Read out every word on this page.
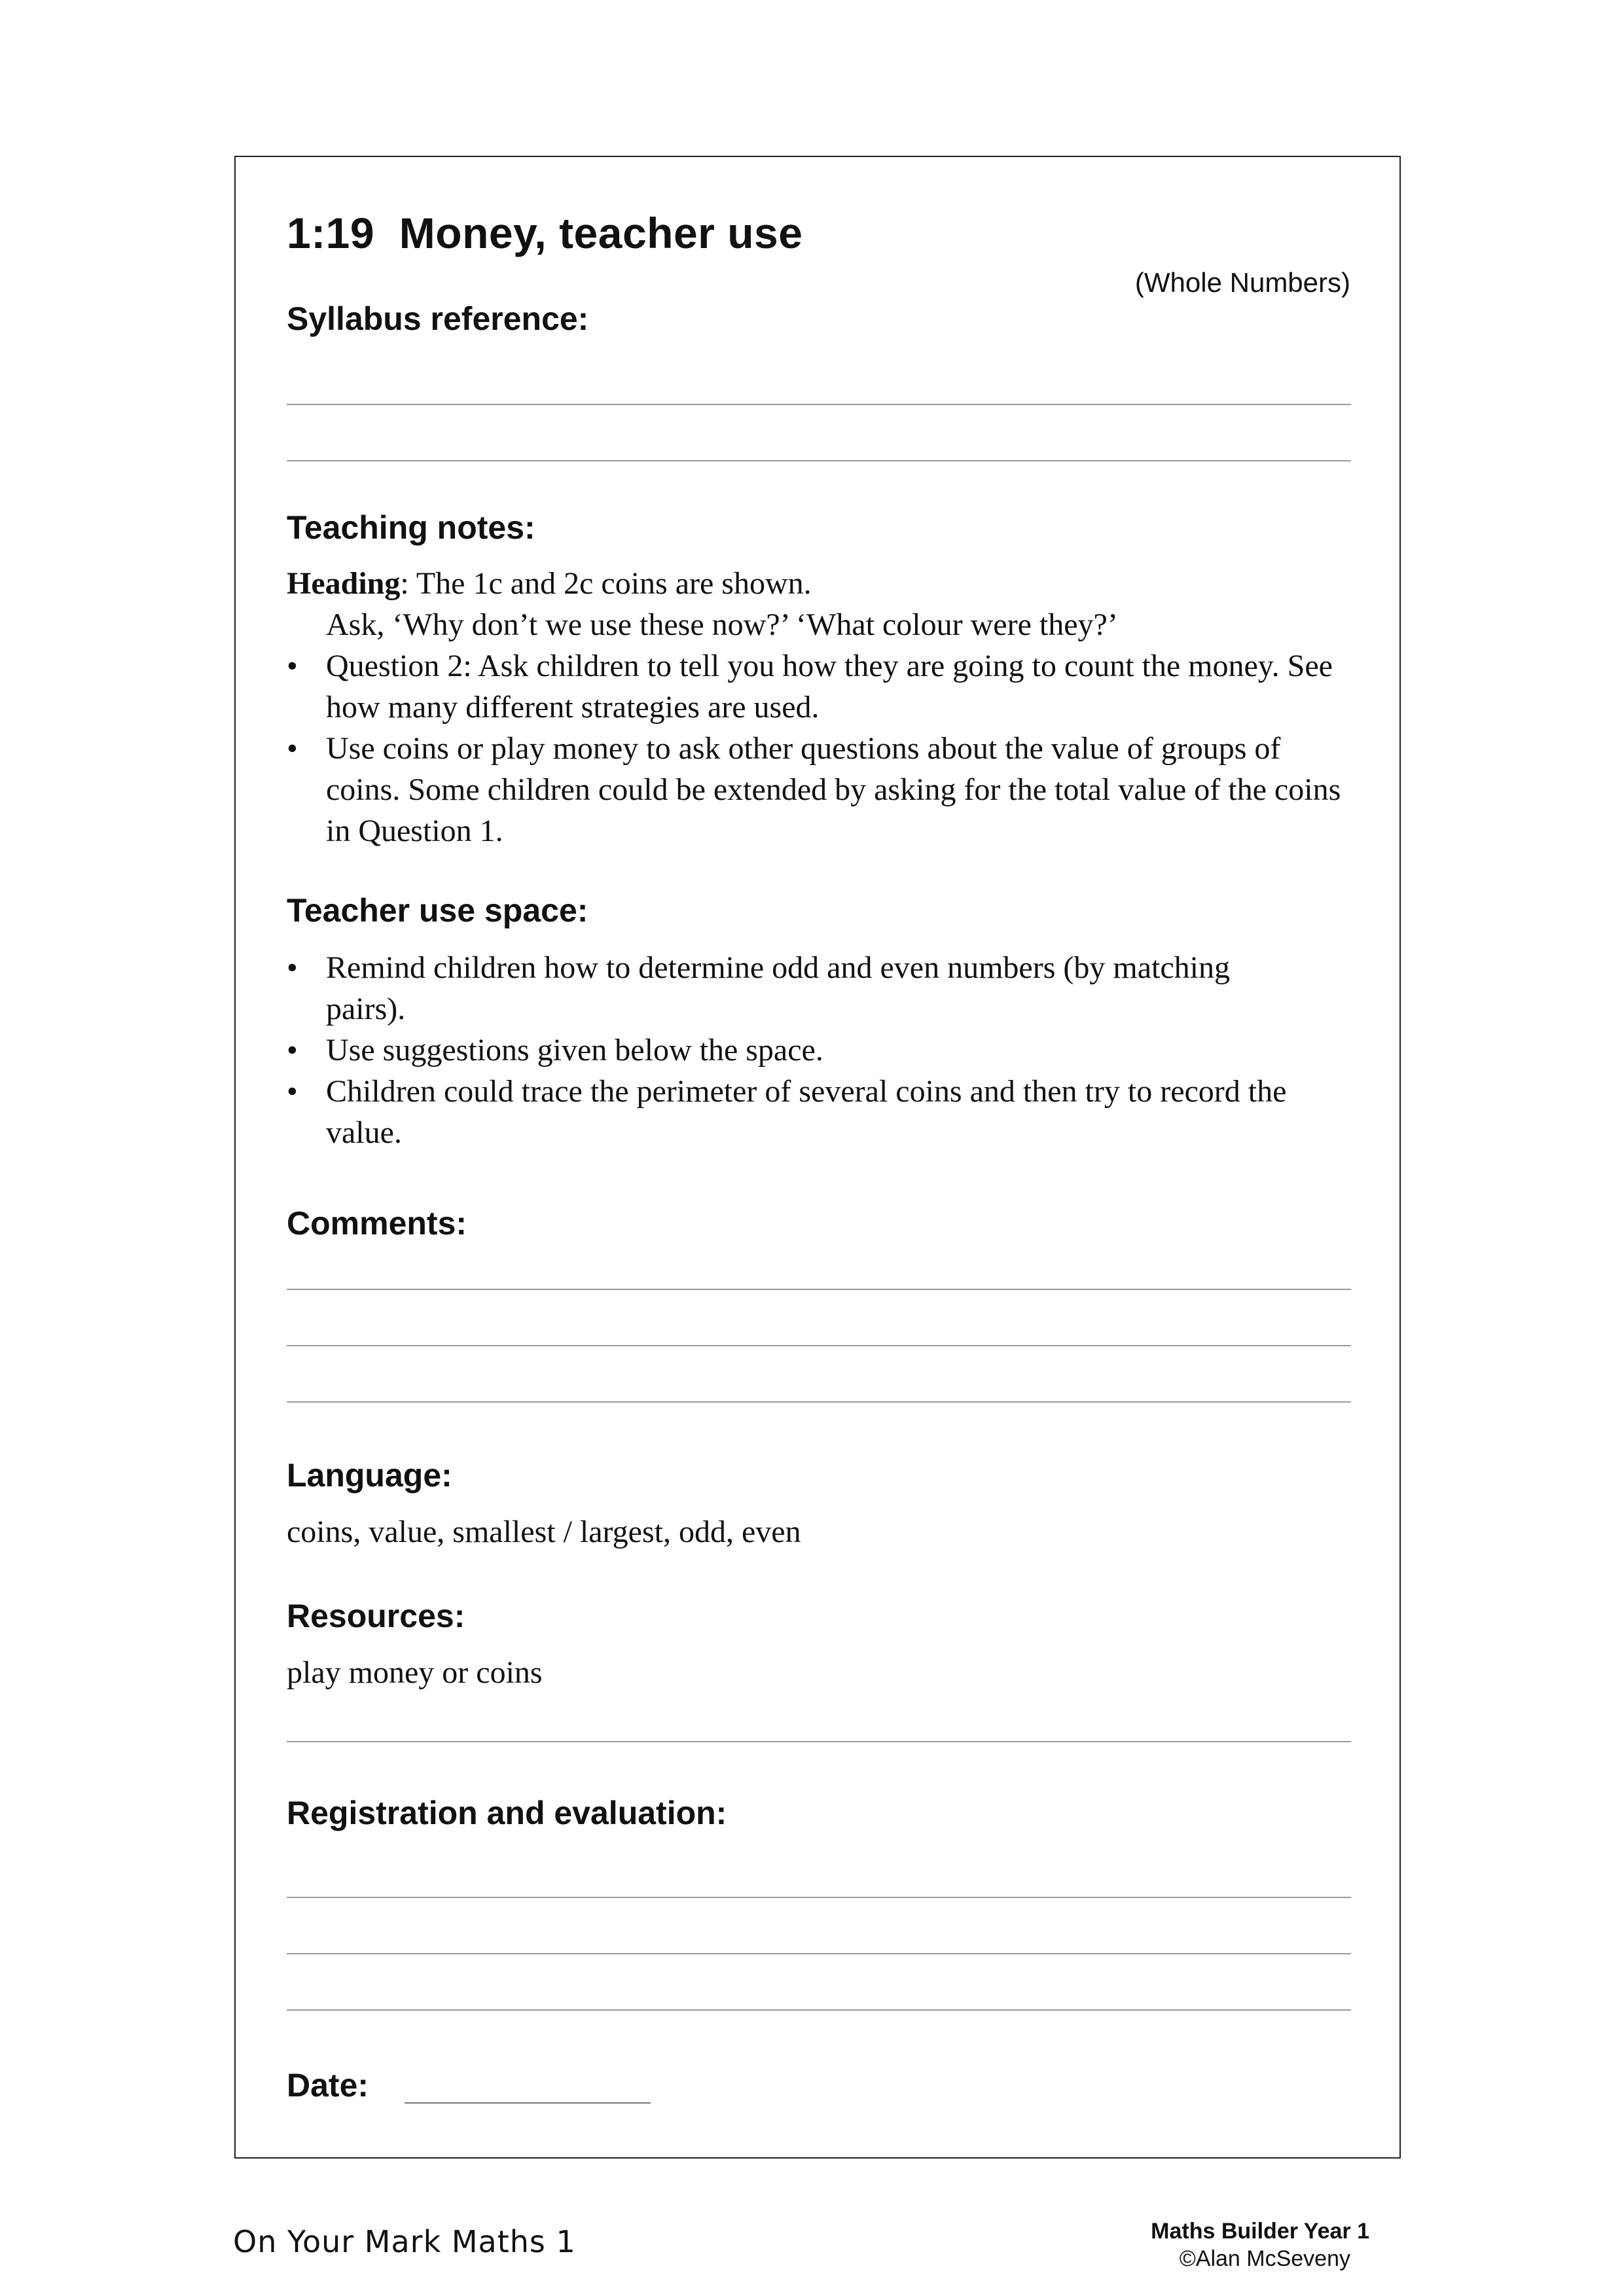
1:19  Money, teacher use
(Whole Numbers)
Syllabus reference:
Teaching notes:

Heading: The 1c and 2c coins are shown.

Ask, ‘Why don’t we use these now?’ ‘What colour were they?’

• Question 2: Ask children to tell you how they are going to count the money. See how many different strategies are used.
• Use coins or play money to ask other questions about the value of groups of coins. Some children could be extended by asking for the total value of the coins in Question 1.
Teacher use space:
• Remind children how to determine odd and even numbers (by matching pairs).
• Use suggestions given below the space.
• Children could trace the perimeter of several coins and then try to record the value.
Comments:
Language:
coins, value, smallest / largest, odd, even
Resources:
play money or coins
Registration and evaluation:
Date:
On Your Mark Maths 1	Maths Builder Year 1
©Alan McSeveny
